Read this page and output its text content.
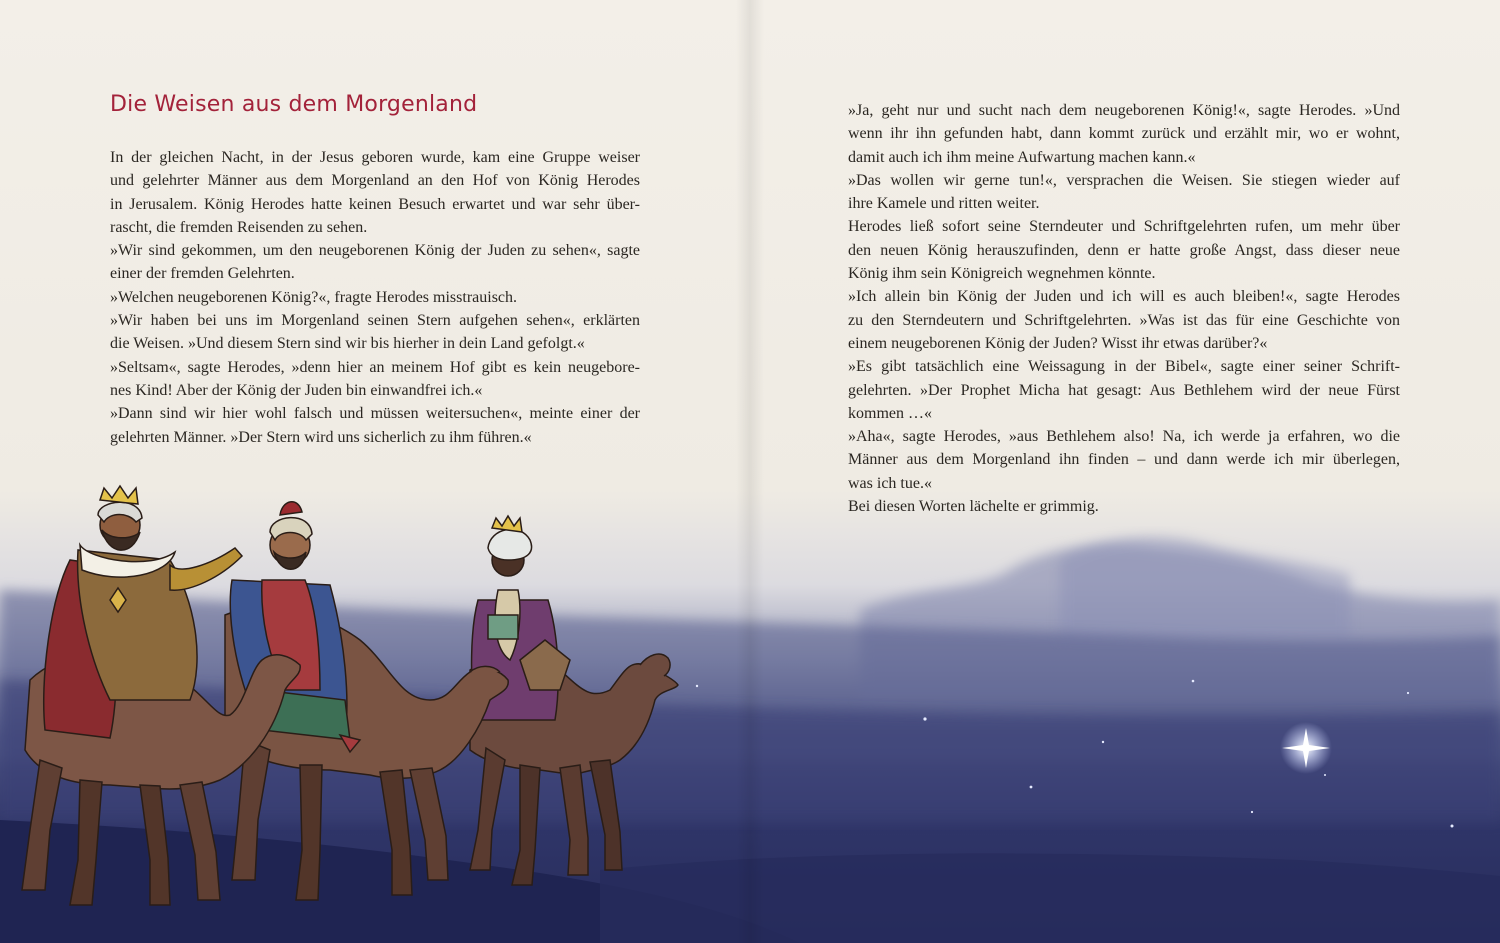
Die Weisen aus dem Morgenland
In der gleichen Nacht, in der Jesus geboren wurde, kam eine Gruppe weiser
und gelehrter Männer aus dem Morgenland an den Hof von König Herodes
in Jerusalem. König Herodes hatte keinen Besuch erwartet und war sehr über-
rascht, die fremden Reisenden zu sehen.
»Wir sind gekommen, um den neugeborenen König der Juden zu sehen«, sagte
einer der fremden Gelehrten.
»Welchen neugeborenen König?«, fragte Herodes misstrauisch.
»Wir haben bei uns im Morgenland seinen Stern aufgehen sehen«, erklärten
die Weisen. »Und diesem Stern sind wir bis hierher in dein Land gefolgt.«
»Seltsam«, sagte Herodes, »denn hier an meinem Hof gibt es kein neugebore-
nes Kind! Aber der König der Juden bin einwandfrei ich.«
»Dann sind wir hier wohl falsch und müssen weitersuchen«, meinte einer der
gelehrten Männer. »Der Stern wird uns sicherlich zu ihm führen.«
»Ja, geht nur und sucht nach dem neugeborenen König!«, sagte Herodes. »Und
wenn ihr ihn gefunden habt, dann kommt zurück und erzählt mir, wo er wohnt,
damit auch ich ihm meine Aufwartung machen kann.«
»Das wollen wir gerne tun!«, versprachen die Weisen. Sie stiegen wieder auf
ihre Kamele und ritten weiter.
Herodes ließ sofort seine Sterndeuter und Schriftgelehrten rufen, um mehr über
den neuen König herauszufinden, denn er hatte große Angst, dass dieser neue
König ihm sein Königreich wegnehmen könnte.
»Ich allein bin König der Juden und ich will es auch bleiben!«, sagte Herodes
zu den Sterndeutern und Schriftgelehrten. »Was ist das für eine Geschichte von
einem neugeborenen König der Juden? Wisst ihr etwas darüber?«
»Es gibt tatsächlich eine Weissagung in der Bibel«, sagte einer seiner Schrift-
gelehrten. »Der Prophet Micha hat gesagt: Aus Bethlehem wird der neue Fürst
kommen …«
»Aha«, sagte Herodes, »aus Bethlehem also! Na, ich werde ja erfahren, wo die
Männer aus dem Morgenland ihn finden – und dann werde ich mir überlegen,
was ich tue.«
Bei diesen Worten lächelte er grimmig.
